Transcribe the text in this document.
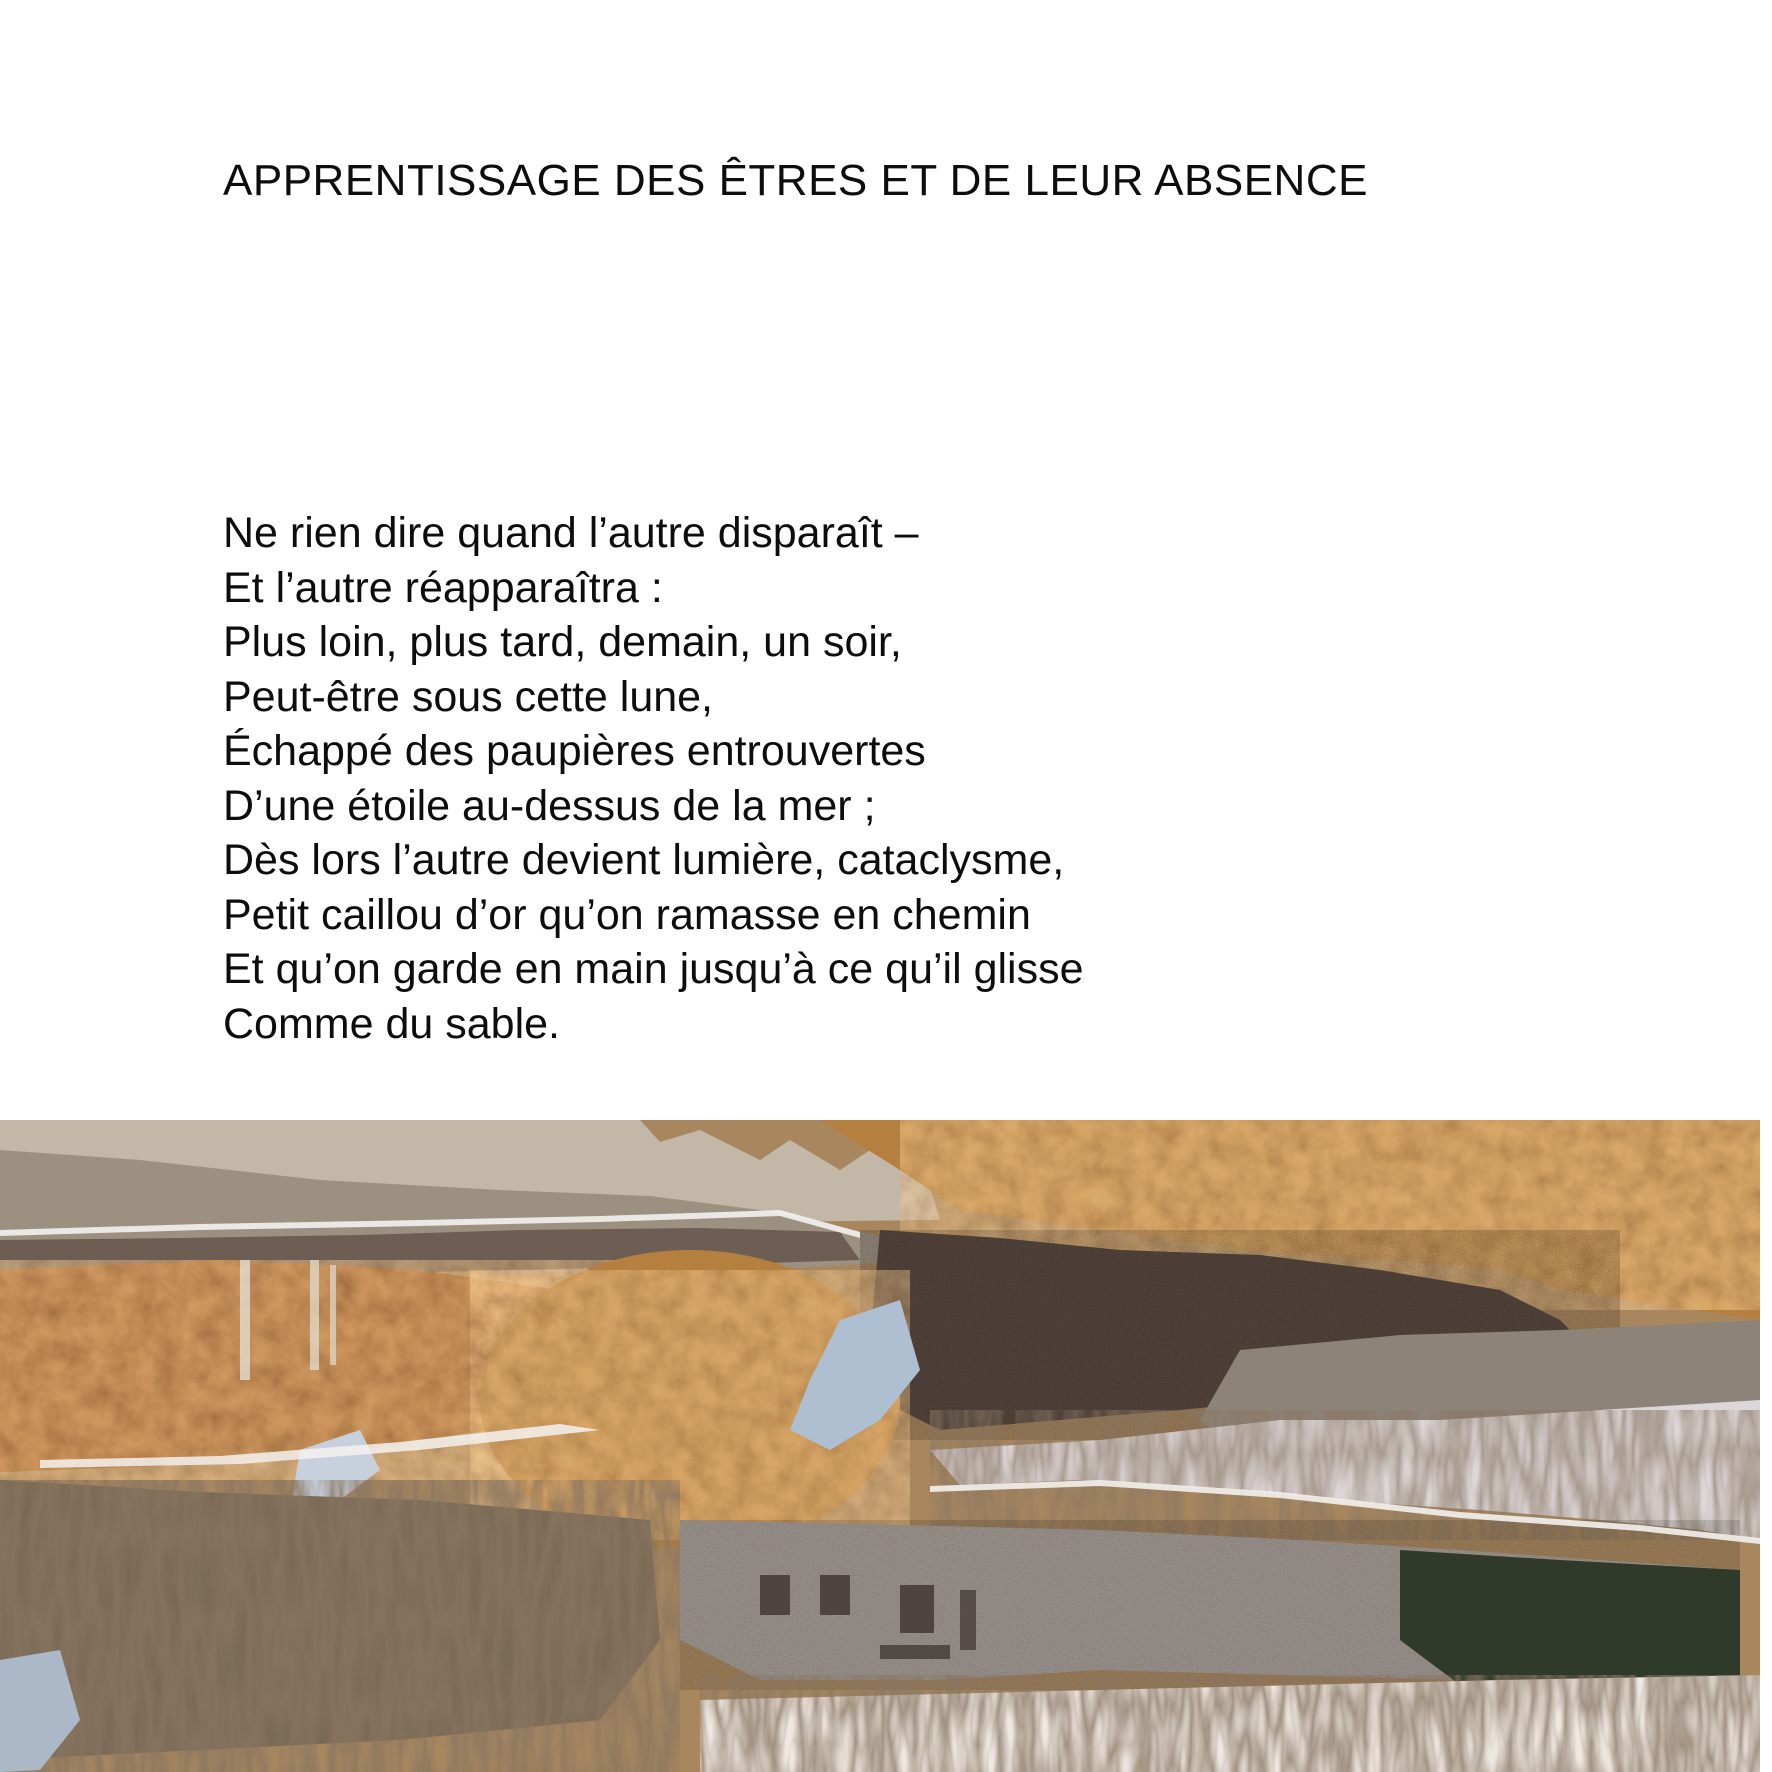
APPRENTISSAGE DES ÊTRES ET DE LEUR ABSENCE
Ne rien dire quand l’autre disparaît –
Et l’autre réapparaîtra :
Plus loin, plus tard, demain, un soir,
Peut-être sous cette lune,
Échappé des paupières entrouvertes
D’une étoile au-dessus de la mer ;
Dès lors l’autre devient lumière, cataclysme,
Petit caillou d’or qu’on ramasse en chemin
Et qu’on garde en main jusqu’à ce qu’il glisse
Comme du sable.
